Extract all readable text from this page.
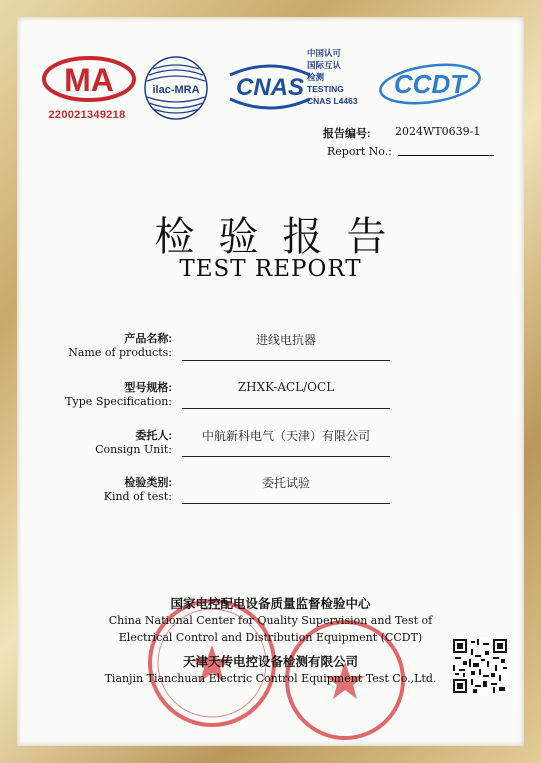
MA
220021349218
ilac-MRA CNAS
中国认可
国际互认
检测
TESTING
CNAS L4463
CCDT
报告编号: 2024WT0639-1
Report No.:
检验报告
TEST REPORT
产品名称:
Name of products:
进线电抗器
型号规格:
Type Specification:
ZHXK-ACL/OCL
委托人:
Consign Unit:
中航新科电气（天津）有限公司
检验类别:
Kind of test:
委托试验
国家电控配电设备质量监督检验中心
China National Center for Quality Supervision and Test of
Electrical Control and Distribution Equipment (CCDT)
天津天传电控设备检测有限公司
Tianjin Tianchuan Electric Control Equipment Test Co.,Ltd.
